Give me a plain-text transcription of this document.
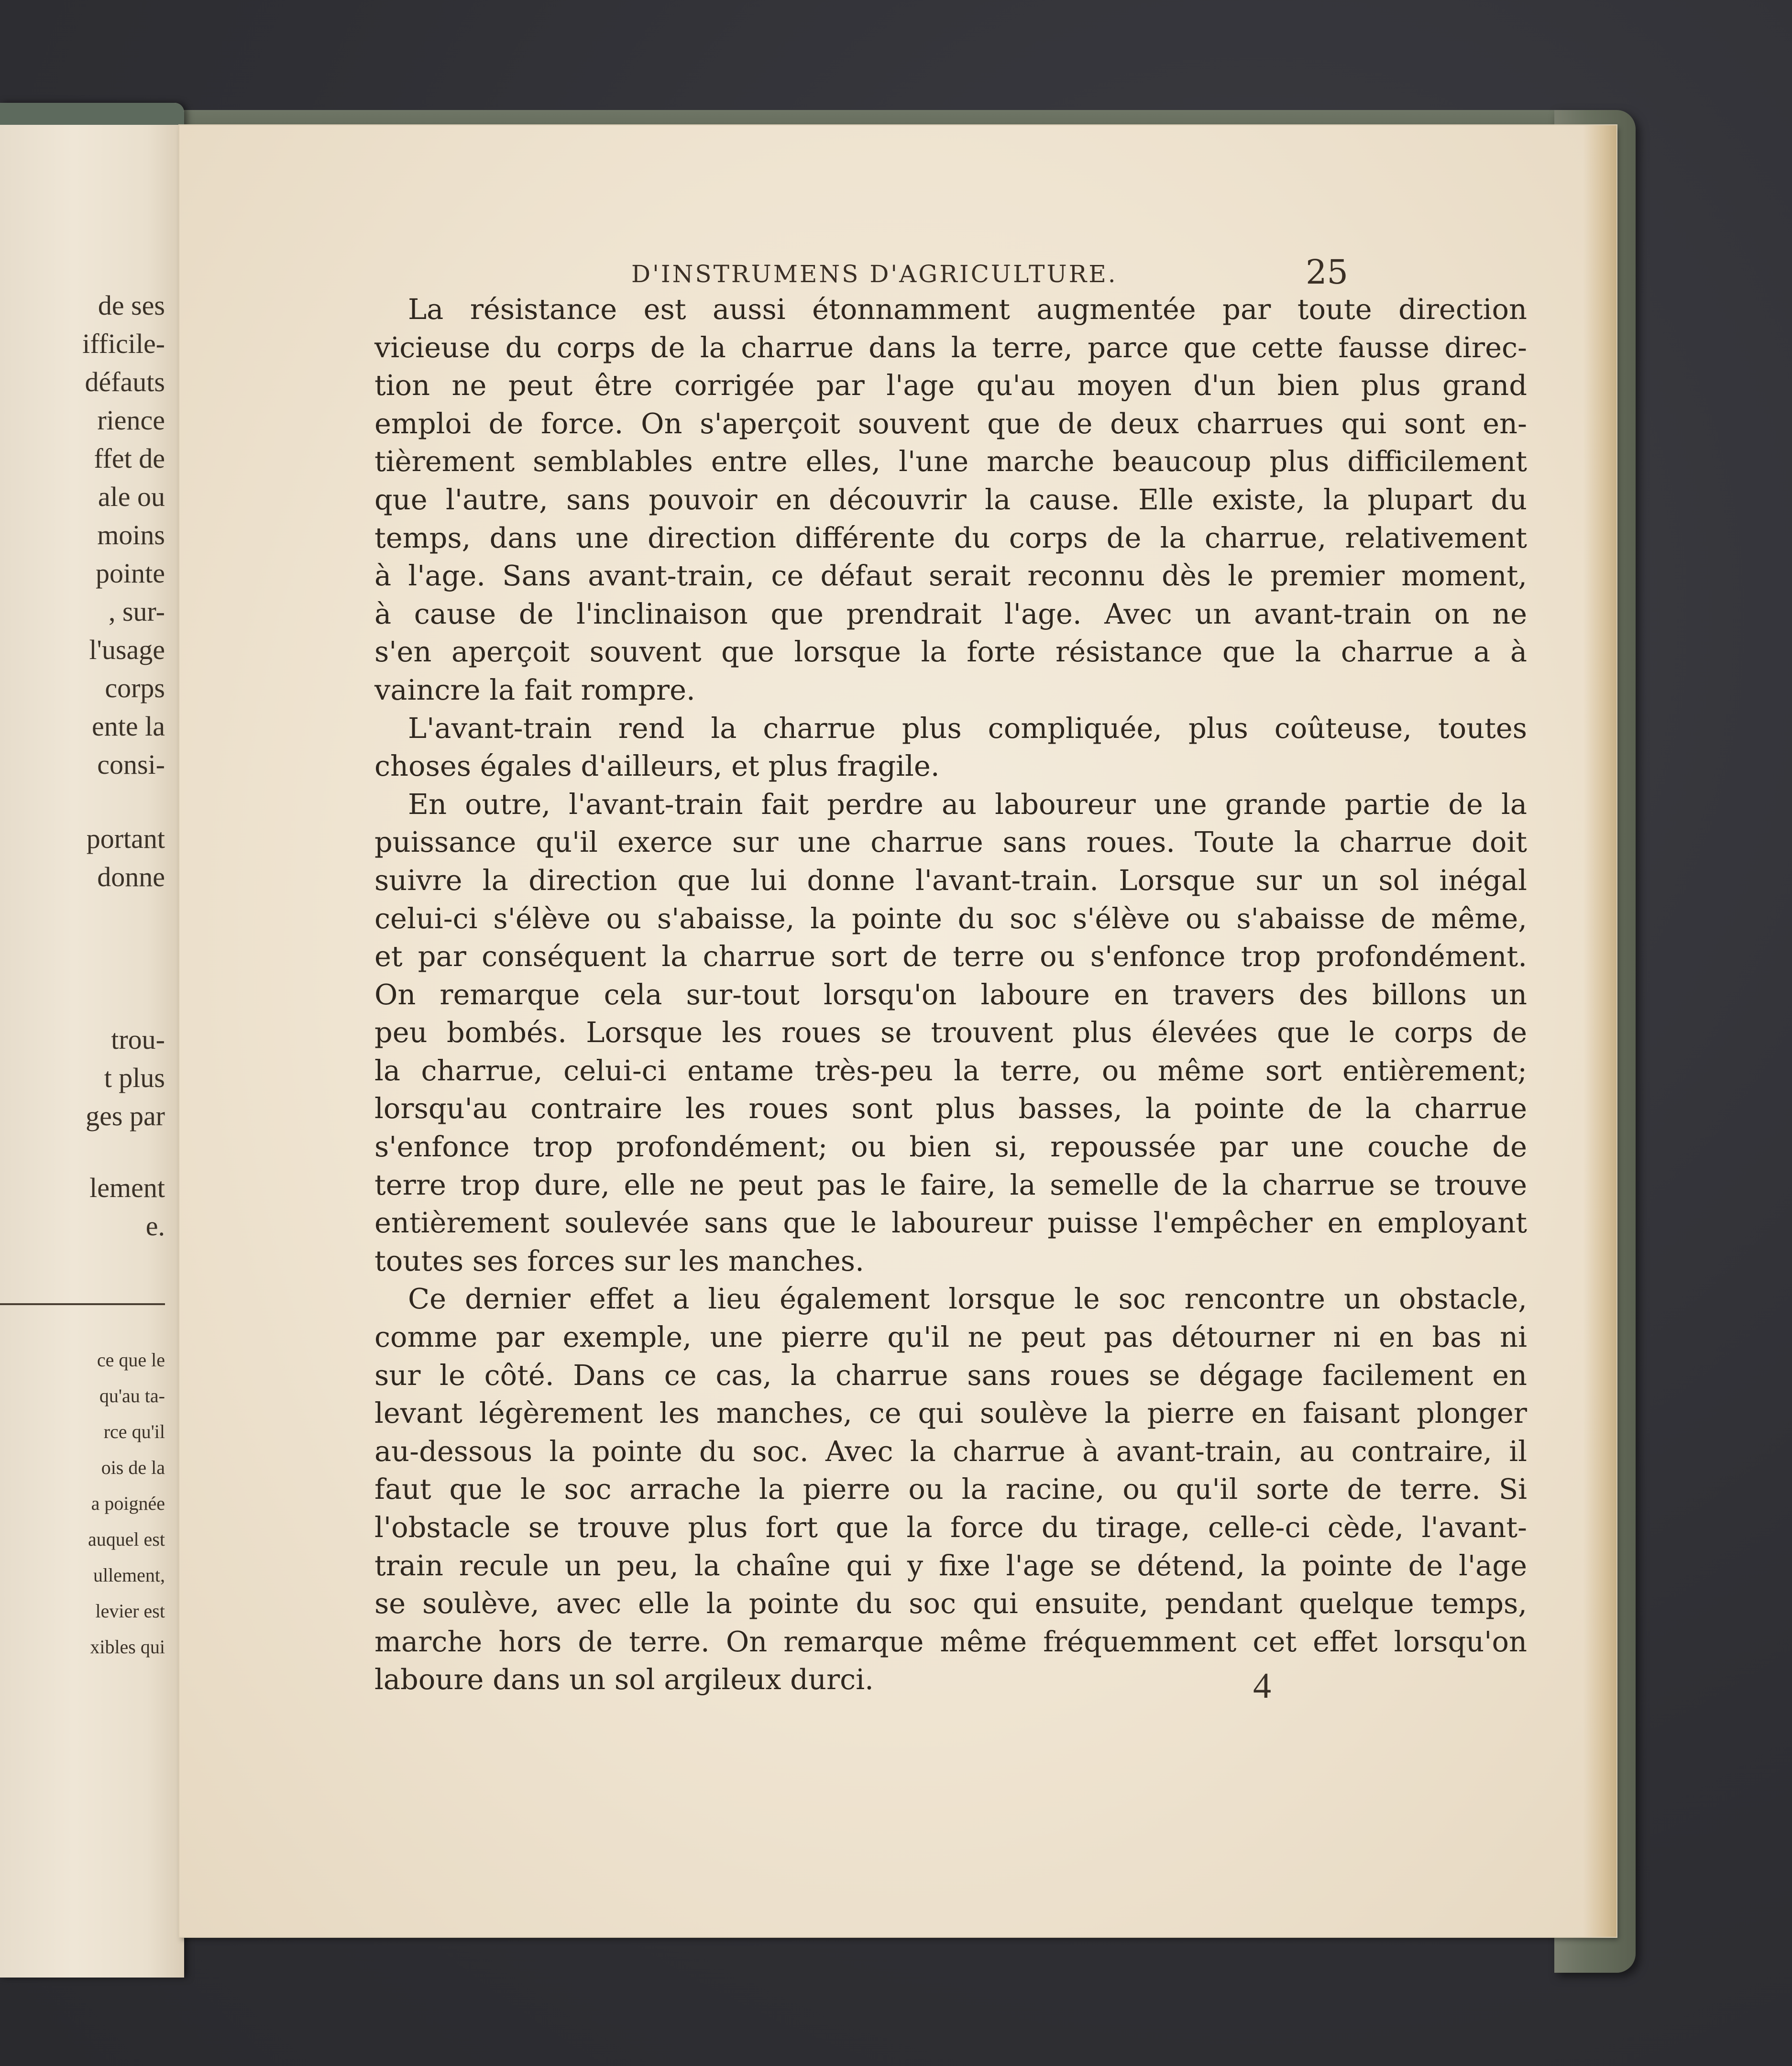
de ses
ifficile-
défauts
rience
ffet de
ale ou
moins
pointe
, sur-
l'usage
corps
ente la
consi-
portant
donne
trou-
t plus
ges par
lement
e.
ce que le
qu'au ta-
rce qu'il
ois de la
a poignée
auquel est
ullement,
levier est
xibles qui
D'INSTRUMENS D'AGRICULTURE.	25
La résistance est aussi étonnamment augmentée par toute direction
vicieuse du corps de la charrue dans la terre, parce que cette fausse direc-
tion ne peut être corrigée par l'age qu'au moyen d'un bien plus grand
emploi de force. On s'aperçoit souvent que de deux charrues qui sont en-
tièrement semblables entre elles, l'une marche beaucoup plus difficilement
que l'autre, sans pouvoir en découvrir la cause. Elle existe, la plupart du
temps, dans une direction différente du corps de la charrue, relativement
à l'age. Sans avant-train, ce défaut serait reconnu dès le premier moment,
à cause de l'inclinaison que prendrait l'age. Avec un avant-train on ne
s'en aperçoit souvent que lorsque la forte résistance que la charrue a à
vaincre la fait rompre.
L'avant-train rend la charrue plus compliquée, plus coûteuse, toutes
choses égales d'ailleurs, et plus fragile.
En outre, l'avant-train fait perdre au laboureur une grande partie de la
puissance qu'il exerce sur une charrue sans roues. Toute la charrue doit
suivre la direction que lui donne l'avant-train. Lorsque sur un sol inégal
celui-ci s'élève ou s'abaisse, la pointe du soc s'élève ou s'abaisse de même,
et par conséquent la charrue sort de terre ou s'enfonce trop profondément.
On remarque cela sur-tout lorsqu'on laboure en travers des billons un
peu bombés. Lorsque les roues se trouvent plus élevées que le corps de
la charrue, celui-ci entame très-peu la terre, ou même sort entièrement;
lorsqu'au contraire les roues sont plus basses, la pointe de la charrue
s'enfonce trop profondément; ou bien si, repoussée par une couche de
terre trop dure, elle ne peut pas le faire, la semelle de la charrue se trouve
entièrement soulevée sans que le laboureur puisse l'empêcher en employant
toutes ses forces sur les manches.
Ce dernier effet a lieu également lorsque le soc rencontre un obstacle,
comme par exemple, une pierre qu'il ne peut pas détourner ni en bas ni
sur le côté. Dans ce cas, la charrue sans roues se dégage facilement en
levant légèrement les manches, ce qui soulève la pierre en faisant plonger
au-dessous la pointe du soc. Avec la charrue à avant-train, au contraire, il
faut que le soc arrache la pierre ou la racine, ou qu'il sorte de terre. Si
l'obstacle se trouve plus fort que la force du tirage, celle-ci cède, l'avant-
train recule un peu, la chaîne qui y fixe l'age se détend, la pointe de l'age
se soulève, avec elle la pointe du soc qui ensuite, pendant quelque temps,
marche hors de terre. On remarque même fréquemment cet effet lorsqu'on
laboure dans un sol argileux durci.	4
